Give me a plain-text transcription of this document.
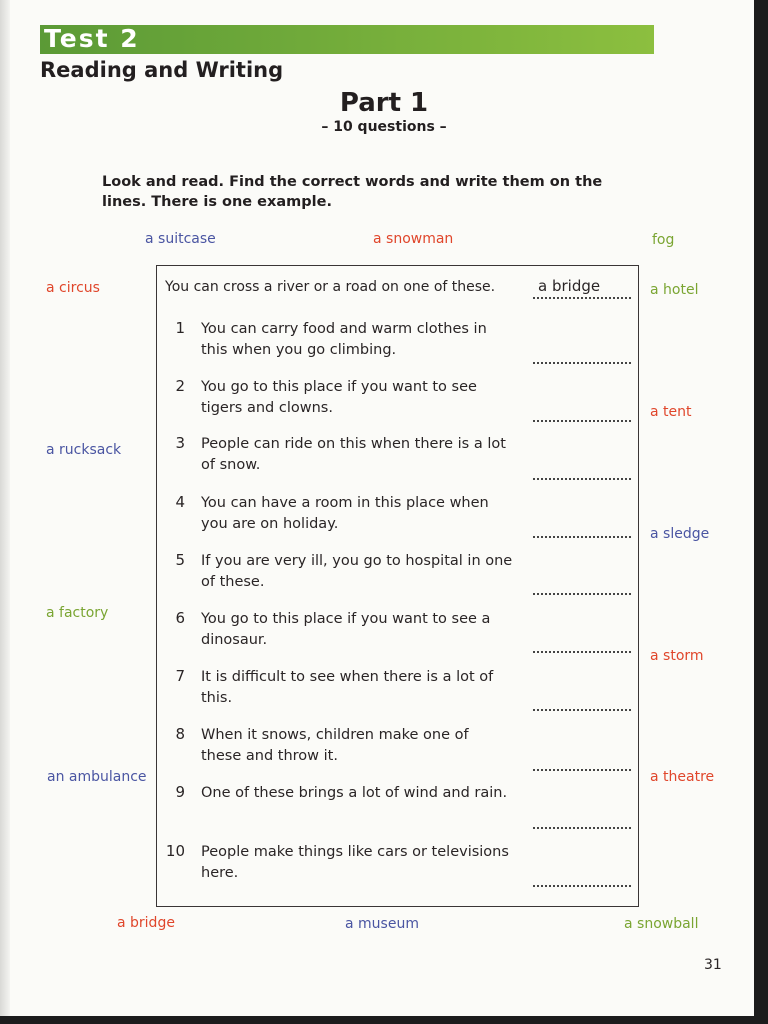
Test 2
Reading and Writing
Part 1
– 10 questions –
Look and read. Find the correct words and write them on the lines. There is one example.
a suitcase	a snowman	fog
a circus	a hotel
a tent
a rucksack
a sledge
a factory
a storm
an ambulance	a theatre
a bridge	a museum	a snowball
You can cross a river or a road on one of these.	a bridge
1 You can carry food and warm clothes in this when you go climbing.
2 You go to this place if you want to see tigers and clowns.
3 People can ride on this when there is a lot of snow.
4 You can have a room in this place when you are on holiday.
5 If you are very ill, you go to hospital in one of these.
6 You go to this place if you want to see a dinosaur.
7 It is difficult to see when there is a lot of this.
8 When it snows, children make one of these and throw it.
9 One of these brings a lot of wind and rain.
10 People make things like cars or televisions here.
31
